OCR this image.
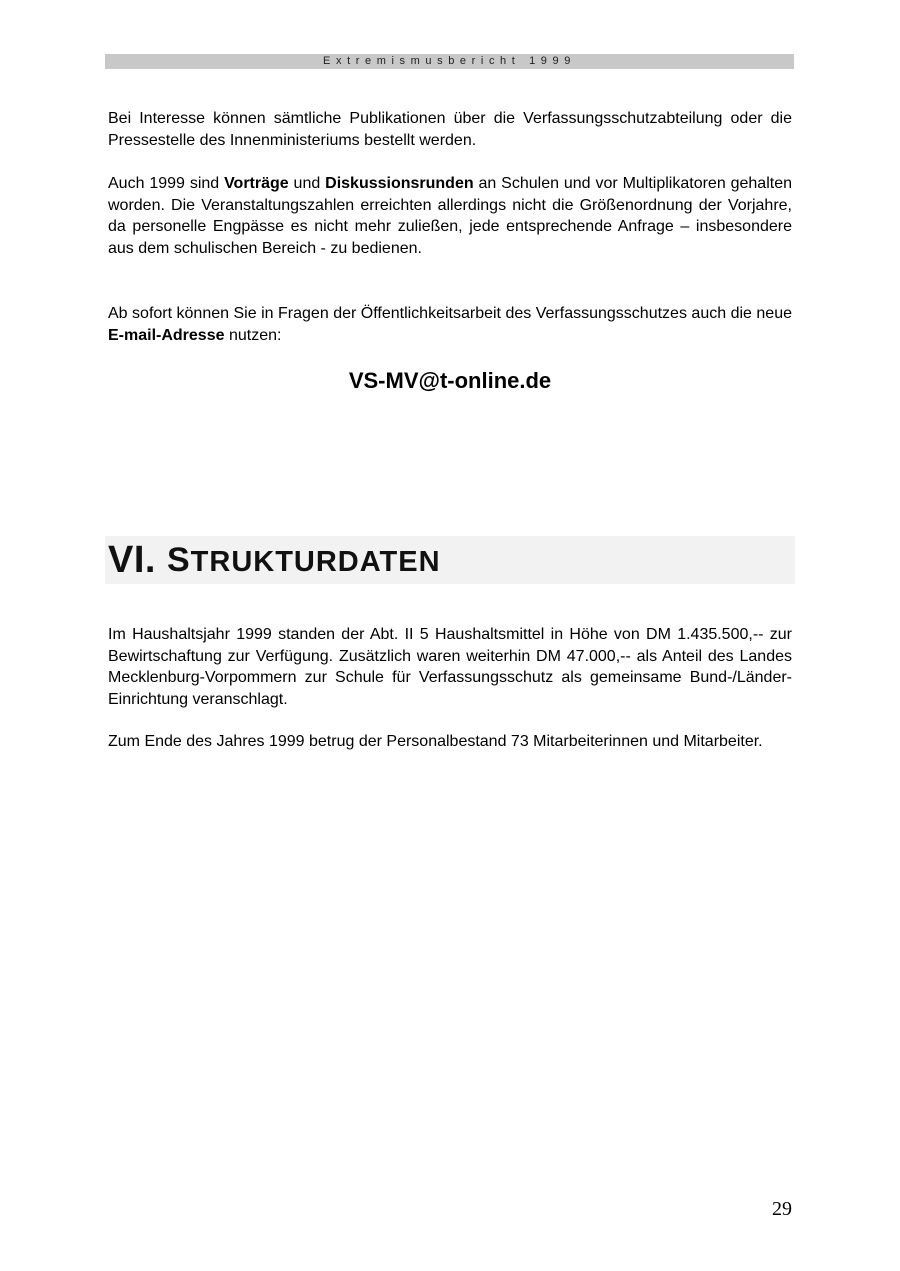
Extremismusbericht 1999

Bei Interesse können sämtliche Publikationen über die Verfassungsschutzabteilung oder die Pressestelle des Innenministeriums bestellt werden.

Auch 1999 sind Vorträge und Diskussionsrunden an Schulen und vor Multiplikatoren gehalten worden. Die Veranstaltungszahlen erreichten allerdings nicht die Größenordnung der Vorjahre, da personelle Engpässe es nicht mehr zuließen, jede entsprechende Anfrage – insbesondere aus dem schulischen Bereich - zu bedienen.

Ab sofort können Sie in Fragen der Öffentlichkeitsarbeit des Verfassungsschutzes auch die neue E-mail-Adresse nutzen:

VS-MV@t-online.de
VI. STRUKTURDATEN

Im Haushaltsjahr 1999 standen der Abt. II 5 Haushaltsmittel in Höhe von DM 1.435.500,-- zur Bewirtschaftung zur Verfügung. Zusätzlich waren weiterhin DM 47.000,-- als Anteil des Landes Mecklenburg-Vorpommern zur Schule für Verfassungsschutz als gemeinsame Bund-/Länder-Einrichtung veranschlagt.

Zum Ende des Jahres 1999 betrug der Personalbestand 73 Mitarbeiterinnen und Mitarbeiter.

29
